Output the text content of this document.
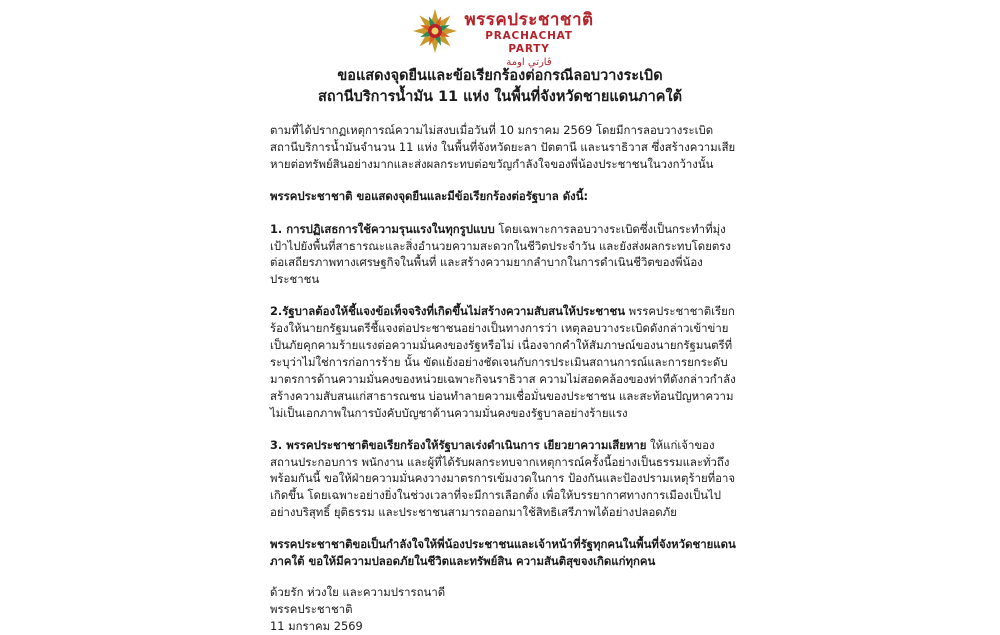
พรรคประชาชาติ
PRACHACHAT PARTY
ڤارتي اومة
ขอแสดงจุดยืนและข้อเรียกร้องต่อกรณีลอบวางระเบิด
สถานีบริการน้ำมัน 11 แห่ง ในพื้นที่จังหวัดชายแดนภาคใต้

ตามที่ได้ปรากฏเหตุการณ์ความไม่สงบเมื่อวันที่ 10 มกราคม 2569 โดยมีการลอบวางระเบิดสถานีบริการน้ำมันจำนวน 11 แห่ง ในพื้นที่จังหวัดยะลา ปัตตานี และนราธิวาส ซึ่งสร้างความเสียหายต่อทรัพย์สินอย่างมากและส่งผลกระทบต่อขวัญกำลังใจของพี่น้องประชาชนในวงกว้างนั้น

พรรคประชาชาติ ขอแสดงจุดยืนและมีข้อเรียกร้องต่อรัฐบาล ดังนี้:

1. การปฏิเสธการใช้ความรุนแรงในทุกรูปแบบ โดยเฉพาะการลอบวางระเบิดซึ่งเป็นกระทำที่มุ่งเป้าไปยังพื้นที่สาธารณะและสิ่งอำนวยความสะดวกในชีวิตประจำวัน และยังส่งผลกระทบโดยตรงต่อเสถียรภาพทางเศรษฐกิจในพื้นที่ และสร้างความยากลำบากในการดำเนินชีวิตของพี่น้องประชาชน

2.รัฐบาลต้องให้ชี้แจงข้อเท็จจริงที่เกิดขึ้นไม่สร้างความสับสนให้ประชาชน พรรคประชาชาติเรียกร้องให้นายกรัฐมนตรีชี้แจงต่อประชาชนอย่างเป็นทางการว่า เหตุลอบวางระเบิดดังกล่าวเข้าข่ายเป็นภัยคุกคามร้ายแรงต่อความมั่นคงของรัฐหรือไม่ เนื่องจากคำให้สัมภาษณ์ของนายกรัฐมนตรีที่ระบุว่าไม่ใช่การก่อการร้าย นั้น ขัดแย้งอย่างชัดเจนกับการประเมินสถานการณ์และการยกระดับมาตรการด้านความมั่นคงของหน่วยเฉพาะกิจนราธิวาส ความไม่สอดคล้องของท่าทีดังกล่าวกำลังสร้างความสับสนแก่สาธารณชน บ่อนทำลายความเชื่อมั่นของประชาชน และสะท้อนปัญหาความไม่เป็นเอกภาพในการบังคับบัญชาด้านความมั่นคงของรัฐบาลอย่างร้ายแรง

3. พรรคประชาชาติขอเรียกร้องให้รัฐบาลเร่งดำเนินการ เยียวยาความเสียหาย ให้แก่เจ้าของสถานประกอบการ พนักงาน และผู้ที่ได้รับผลกระทบจากเหตุการณ์ครั้งนี้อย่างเป็นธรรมและทั่วถึง พร้อมกันนี้ ขอให้ฝ่ายความมั่นคงวางมาตรการเข้มงวดในการ ป้องกันและป้องปรามเหตุร้ายที่อาจเกิดขึ้น โดยเฉพาะอย่างยิ่งในช่วงเวลาที่จะมีการเลือกตั้ง เพื่อให้บรรยากาศทางการเมืองเป็นไปอย่างบริสุทธิ์ ยุติธรรม และประชาชนสามารถออกมาใช้สิทธิเสรีภาพได้อย่างปลอดภัย

พรรคประชาชาติขอเป็นกำลังใจให้พี่น้องประชาชนและเจ้าหน้าที่รัฐทุกคนในพื้นที่จังหวัดชายแดนภาคใต้ ขอให้มีความปลอดภัยในชีวิตและทรัพย์สิน ความสันติสุขจงเกิดแก่ทุกคน

ด้วยรัก ห่วงใย และความปรารถนาดี
พรรคประชาชาติ
11 มกราคม 2569
